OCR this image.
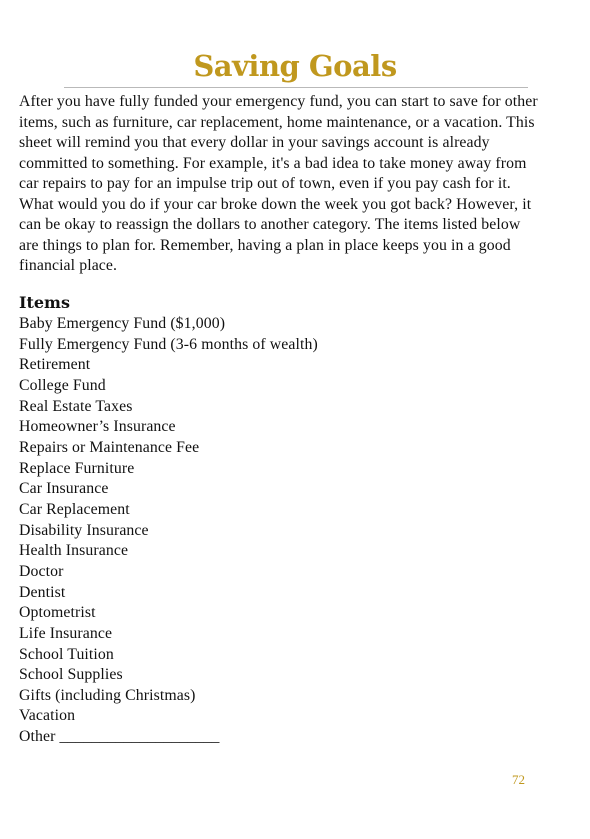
Saving Goals

After you have fully funded your emergency fund, you can start to save for other items, such as furniture, car replacement, home maintenance, or a vacation. This sheet will remind you that every dollar in your savings account is already committed to something. For example, it's a bad idea to take money away from car repairs to pay for an impulse trip out of town, even if you pay cash for it. What would you do if your car broke down the week you got back? However, it can be okay to reassign the dollars to another category. The items listed below are things to plan for. Remember, having a plan in place keeps you in a good financial place.

Items
Baby Emergency Fund ($1,000)
Fully Emergency Fund (3-6 months of wealth)
Retirement
College Fund
Real Estate Taxes
Homeowner’s Insurance
Repairs or Maintenance Fee
Replace Furniture
Car Insurance
Car Replacement
Disability Insurance
Health Insurance
Doctor
Dentist
Optometrist
Life Insurance
School Tuition
School Supplies
Gifts (including Christmas)
Vacation
Other ____________________
72
